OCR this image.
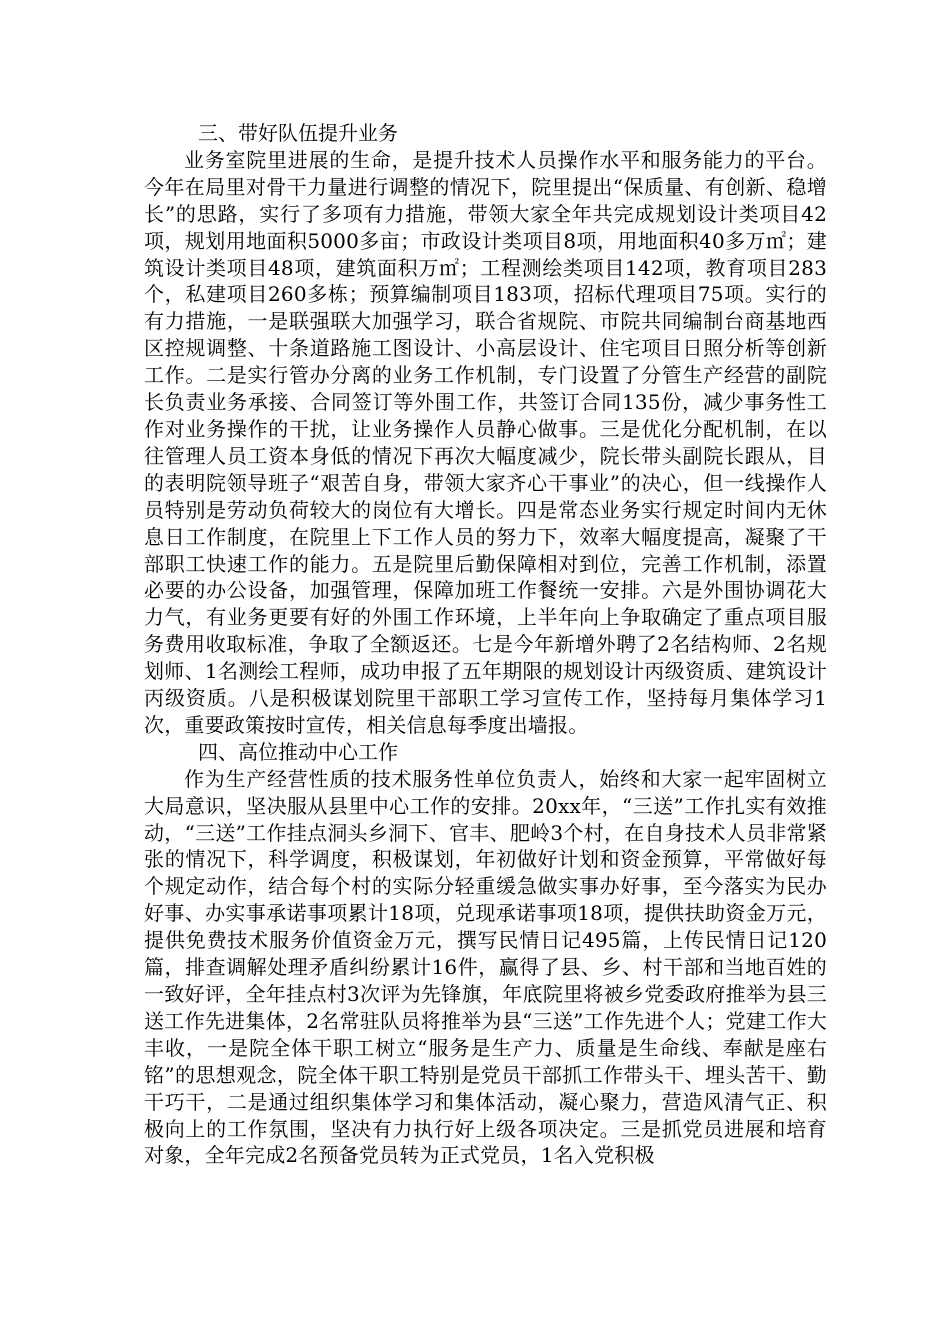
三、带好队伍提升业务

业务室院里进展的生命，是提升技术人员操作水平和服务能力的平台。今年在局里对骨干力量进行调整的情况下，院里提出“保质量、有创新、稳增长”的思路，实行了多项有力措施，带领大家全年共完成规划设计类项目42项，规划用地面积5000多亩；市政设计类项目8项，用地面积40多万㎡；建筑设计类项目48项，建筑面积万㎡；工程测绘类项目142项，教育项目283个，私建项目260多栋；预算编制项目183项，招标代理项目75项。实行的有力措施，一是联强联大加强学习，联合省规院、市院共同编制台商基地西区控规调整、十条道路施工图设计、小高层设计、住宅项目日照分析等创新工作。二是实行管办分离的业务工作机制，专门设置了分管生产经营的副院长负责业务承接、合同签订等外围工作，共签订合同135份，减少事务性工作对业务操作的干扰，让业务操作人员静心做事。三是优化分配机制，在以往管理人员工资本身低的情况下再次大幅度减少，院长带头副院长跟从，目的表明院领导班子“艰苦自身，带领大家齐心干事业”的决心，但一线操作人员特别是劳动负荷较大的岗位有大增长。四是常态业务实行规定时间内无休息日工作制度，在院里上下工作人员的努力下，效率大幅度提高，凝聚了干部职工快速工作的能力。五是院里后勤保障相对到位，完善工作机制，添置必要的办公设备，加强管理，保障加班工作餐统一安排。六是外围协调花大力气，有业务更要有好的外围工作环境，上半年向上争取确定了重点项目服务费用收取标准，争取了全额返还。七是今年新增外聘了2名结构师、2名规划师、1名测绘工程师，成功申报了五年期限的规划设计丙级资质、建筑设计丙级资质。八是积极谋划院里干部职工学习宣传工作，坚持每月集体学习1次，重要政策按时宣传，相关信息每季度出墙报。

四、高位推动中心工作

作为生产经营性质的技术服务性单位负责人，始终和大家一起牢固树立大局意识，坚决服从县里中心工作的安排。20xx年，“三送”工作扎实有效推动，“三送”工作挂点洞头乡洞下、官丰、肥岭3个村，在自身技术人员非常紧张的情况下，科学调度，积极谋划，年初做好计划和资金预算，平常做好每个规定动作，结合每个村的实际分轻重缓急做实事办好事，至今落实为民办好事、办实事承诺事项累计18项，兑现承诺事项18项，提供扶助资金万元，提供免费技术服务价值资金万元，撰写民情日记495篇，上传民情日记120篇，排查调解处理矛盾纠纷累计16件，赢得了县、乡、村干部和当地百姓的一致好评，全年挂点村3次评为先锋旗，年底院里将被乡党委政府推举为县三送工作先进集体，2名常驻队员将推举为县“三送”工作先进个人；党建工作大丰收，一是院全体干职工树立“服务是生产力、质量是生命线、奉献是座右铭”的思想观念，院全体干职工特别是党员干部抓工作带头干、埋头苦干、勤干巧干，二是通过组织集体学习和集体活动，凝心聚力，营造风清气正、积极向上的工作氛围，坚决有力执行好上级各项决定。三是抓党员进展和培育对象，全年完成2名预备党员转为正式党员，1名入党积极
